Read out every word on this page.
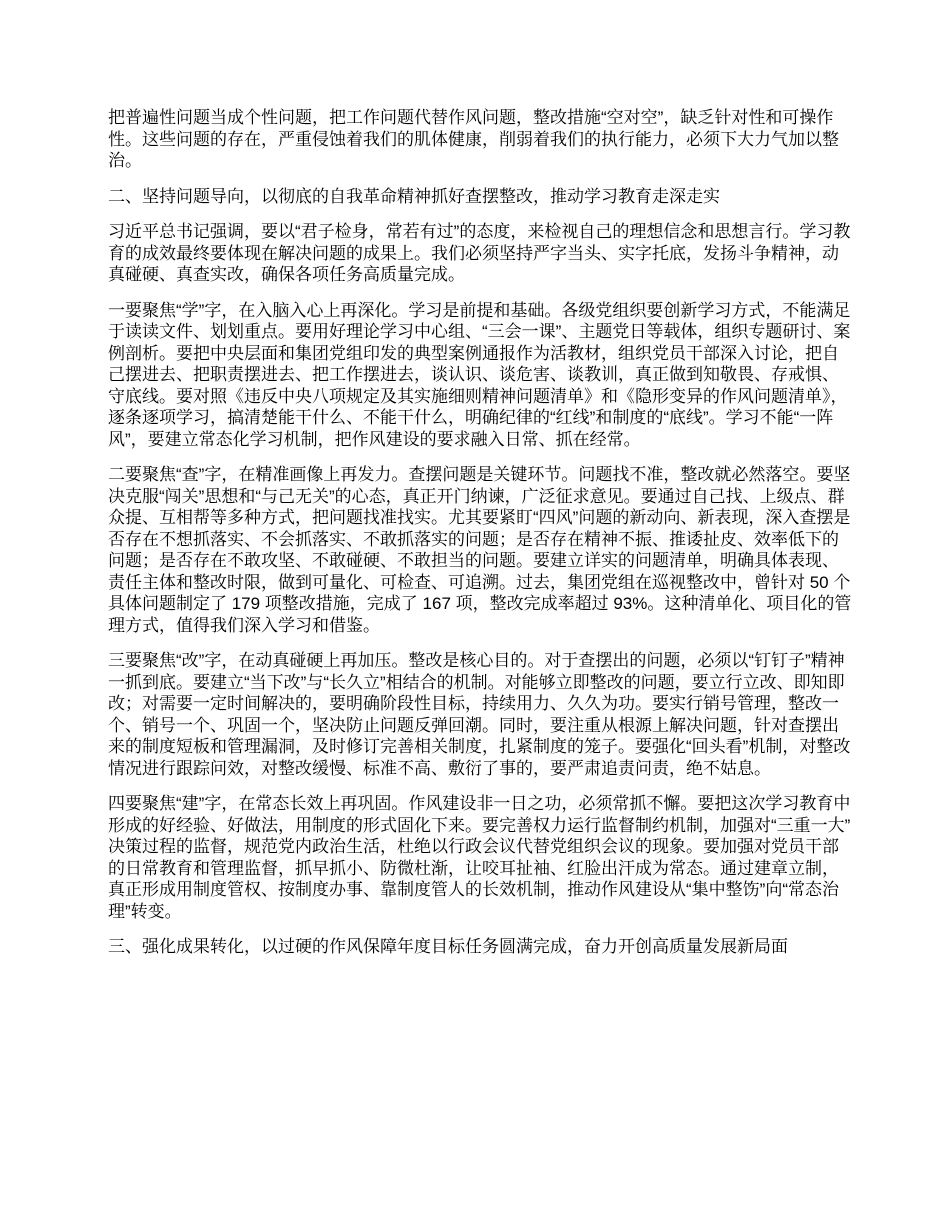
把普遍性问题当成个性问题，把工作问题代替作风问题，整改措施“空对空”，缺乏针对性和可操作性。这些问题的存在，严重侵蚀着我们的肌体健康，削弱着我们的执行能力，必须下大力气加以整治。

二、坚持问题导向，以彻底的自我革命精神抓好查摆整改，推动学习教育走深走实

习近平总书记强调，要以“君子检身，常若有过”的态度，来检视自己的理想信念和思想言行。学习教育的成效最终要体现在解决问题的成果上。我们必须坚持严字当头、实字托底，发扬斗争精神，动真碰硬、真查实改，确保各项任务高质量完成。

一要聚焦“学”字，在入脑入心上再深化。学习是前提和基础。各级党组织要创新学习方式，不能满足于读读文件、划划重点。要用好理论学习中心组、“三会一课”、主题党日等载体，组织专题研讨、案例剖析。要把中央层面和集团党组印发的典型案例通报作为活教材，组织党员干部深入讨论，把自己摆进去、把职责摆进去、把工作摆进去，谈认识、谈危害、谈教训，真正做到知敬畏、存戒惧、守底线。要对照《违反中央八项规定及其实施细则精神问题清单》和《隐形变异的作风问题清单》，逐条逐项学习，搞清楚能干什么、不能干什么，明确纪律的“红线”和制度的“底线”。学习不能“一阵风”，要建立常态化学习机制，把作风建设的要求融入日常、抓在经常。

二要聚焦“查”字，在精准画像上再发力。查摆问题是关键环节。问题找不准，整改就必然落空。要坚决克服“闯关”思想和“与己无关”的心态，真正开门纳谏，广泛征求意见。要通过自己找、上级点、群众提、互相帮等多种方式，把问题找准找实。尤其要紧盯“四风”问题的新动向、新表现，深入查摆是否存在不想抓落实、不会抓落实、不敢抓落实的问题；是否存在精神不振、推诿扯皮、效率低下的问题；是否存在不敢攻坚、不敢碰硬、不敢担当的问题。要建立详实的问题清单，明确具体表现、责任主体和整改时限，做到可量化、可检查、可追溯。过去，集团党组在巡视整改中，曾针对 50 个具体问题制定了 179 项整改措施，完成了 167 项，整改完成率超过 93%。这种清单化、项目化的管理方式，值得我们深入学习和借鉴。

三要聚焦“改”字，在动真碰硬上再加压。整改是核心目的。对于查摆出的问题，必须以“钉钉子”精神一抓到底。要建立“当下改”与“长久立”相结合的机制。对能够立即整改的问题，要立行立改、即知即改；对需要一定时间解决的，要明确阶段性目标，持续用力、久久为功。要实行销号管理，整改一个、销号一个、巩固一个，坚决防止问题反弹回潮。同时，要注重从根源上解决问题，针对查摆出来的制度短板和管理漏洞，及时修订完善相关制度，扎紧制度的笼子。要强化“回头看”机制，对整改情况进行跟踪问效，对整改缓慢、标准不高、敷衍了事的，要严肃追责问责，绝不姑息。

四要聚焦“建”字，在常态长效上再巩固。作风建设非一日之功，必须常抓不懈。要把这次学习教育中形成的好经验、好做法，用制度的形式固化下来。要完善权力运行监督制约机制，加强对“三重一大”决策过程的监督，规范党内政治生活，杜绝以行政会议代替党组织会议的现象。要加强对党员干部的日常教育和管理监督，抓早抓小、防微杜渐，让咬耳扯袖、红脸出汗成为常态。通过建章立制，真正形成用制度管权、按制度办事、靠制度管人的长效机制，推动作风建设从“集中整饬”向“常态治理”转变。

三、强化成果转化，以过硬的作风保障年度目标任务圆满完成，奋力开创高质量发展新局面
